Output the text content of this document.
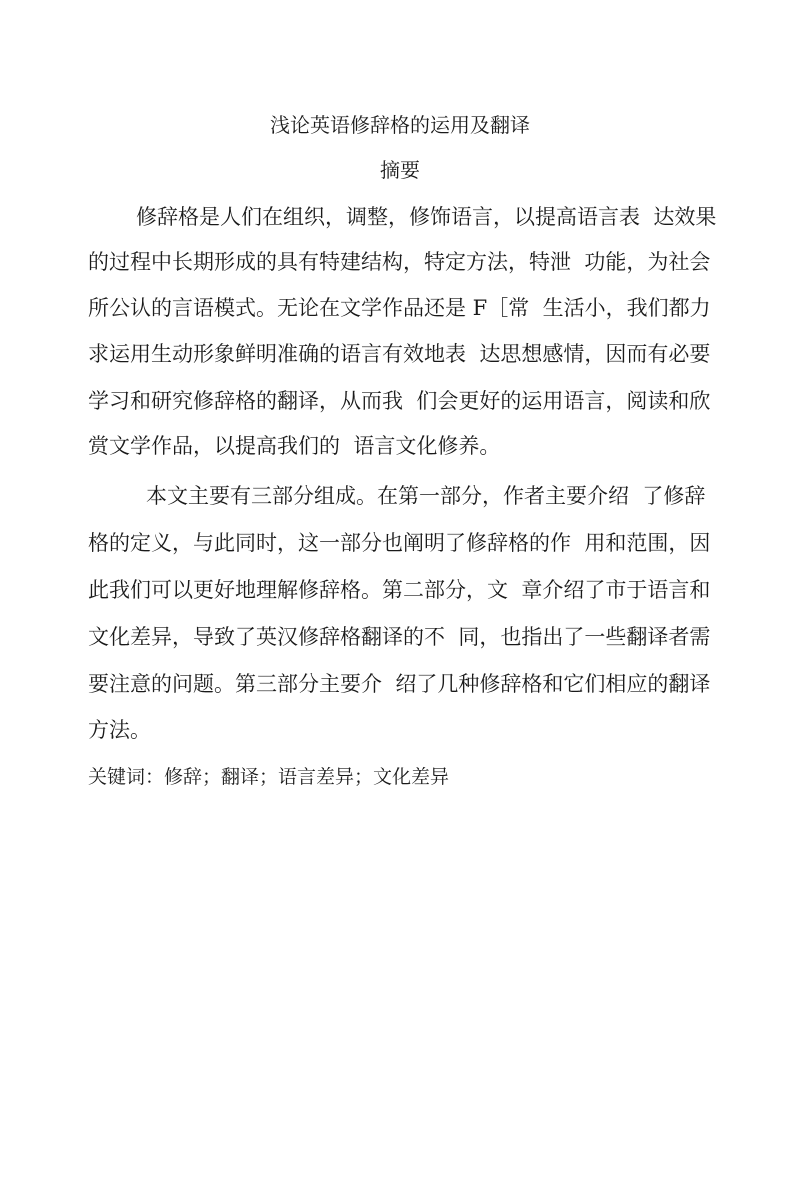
浅论英语修辞格的运用及翻译
摘要
修辞格是人们在组织，调整，修饰语言，以提高语言表  达效果
的过程中长期形成的具有特建结构，特定方法，特泄  功能，为社会
所公认的言语模式。无论在文学作品还是 F［常  生活小，我们都力
求运用生动形象鲜明准确的语言有效地表  达思想感情，因而有必要
学习和研究修辞格的翻译，从而我  们会更好的运用语言，阅读和欣
赏文学作品，以提高我们的  语言文化修养。
本文主要有三部分组成。在第一部分，作者主要介绍  了修辞
格的定义，与此同时，这一部分也阐明了修辞格的作  用和范围，因
此我们可以更好地理解修辞格。第二部分，文  章介绍了市于语言和
文化差异，导致了英汉修辞格翻译的不  同，也指出了一些翻译者需
要注意的问题。第三部分主要介  绍了几种修辞格和它们相应的翻译
方法。
关键词：修辞；翻译；语言差异；文化差异
